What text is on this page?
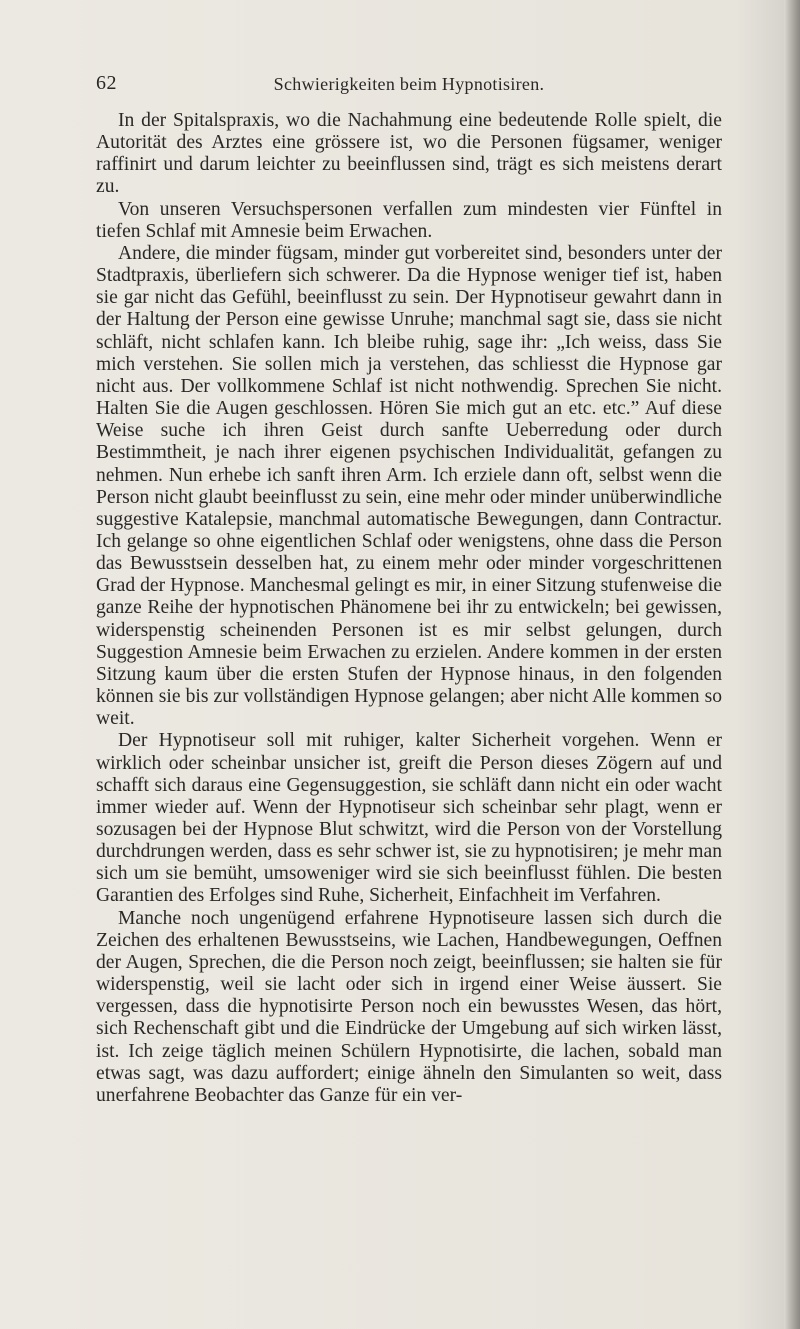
62	Schwierigkeiten beim Hypnotisiren.

In der Spitalspraxis, wo die Nachahmung eine bedeutende Rolle spielt, die Autorität des Arztes eine grössere ist, wo die Personen fügsamer, weniger raffinirt und darum leichter zu beeinflussen sind, trägt es sich meistens derart zu.

Von unseren Versuchspersonen verfallen zum mindesten vier Fünftel in tiefen Schlaf mit Amnesie beim Erwachen.

Andere, die minder fügsam, minder gut vorbereitet sind, besonders unter der Stadtpraxis, überliefern sich schwerer. Da die Hypnose weniger tief ist, haben sie gar nicht das Gefühl, beeinflusst zu sein. Der Hypnotiseur gewahrt dann in der Haltung der Person eine gewisse Unruhe; manchmal sagt sie, dass sie nicht schläft, nicht schlafen kann. Ich bleibe ruhig, sage ihr: „Ich weiss, dass Sie mich verstehen. Sie sollen mich ja verstehen, das schliesst die Hypnose gar nicht aus. Der vollkommene Schlaf ist nicht nothwendig. Sprechen Sie nicht. Halten Sie die Augen geschlossen. Hören Sie mich gut an etc. etc.” Auf diese Weise suche ich ihren Geist durch sanfte Ueberredung oder durch Bestimmtheit, je nach ihrer eigenen psychischen Individualität, gefangen zu nehmen. Nun erhebe ich sanft ihren Arm. Ich erziele dann oft, selbst wenn die Person nicht glaubt beeinflusst zu sein, eine mehr oder minder unüberwindliche suggestive Katalepsie, manchmal automatische Bewegungen, dann Contractur. Ich gelange so ohne eigentlichen Schlaf oder wenigstens, ohne dass die Person das Bewusstsein desselben hat, zu einem mehr oder minder vorgeschrittenen Grad der Hypnose. Manchesmal gelingt es mir, in einer Sitzung stufenweise die ganze Reihe der hypnotischen Phänomene bei ihr zu entwickeln; bei gewissen, widerspenstig scheinenden Personen ist es mir selbst gelungen, durch Suggestion Amnesie beim Erwachen zu erzielen. Andere kommen in der ersten Sitzung kaum über die ersten Stufen der Hypnose hinaus, in den folgenden können sie bis zur vollständigen Hypnose gelangen; aber nicht Alle kommen so weit.

Der Hypnotiseur soll mit ruhiger, kalter Sicherheit vorgehen. Wenn er wirklich oder scheinbar unsicher ist, greift die Person dieses Zögern auf und schafft sich daraus eine Gegensuggestion, sie schläft dann nicht ein oder wacht immer wieder auf. Wenn der Hypnotiseur sich scheinbar sehr plagt, wenn er sozusagen bei der Hypnose Blut schwitzt, wird die Person von der Vorstellung durchdrungen werden, dass es sehr schwer ist, sie zu hypnotisiren; je mehr man sich um sie bemüht, umsoweniger wird sie sich beeinflusst fühlen. Die besten Garantien des Erfolges sind Ruhe, Sicherheit, Einfachheit im Verfahren.

Manche noch ungenügend erfahrene Hypnotiseure lassen sich durch die Zeichen des erhaltenen Bewusstseins, wie Lachen, Handbewegungen, Oeffnen der Augen, Sprechen, die die Person noch zeigt, beeinflussen; sie halten sie für widerspenstig, weil sie lacht oder sich in irgend einer Weise äussert. Sie vergessen, dass die hypnotisirte Person noch ein bewusstes Wesen, das hört, sich Rechenschaft gibt und die Eindrücke der Umgebung auf sich wirken lässt, ist. Ich zeige täglich meinen Schülern Hypnotisirte, die lachen, sobald man etwas sagt, was dazu auffordert; einige ähneln den Simulanten so weit, dass unerfahrene Beobachter das Ganze für ein ver-
